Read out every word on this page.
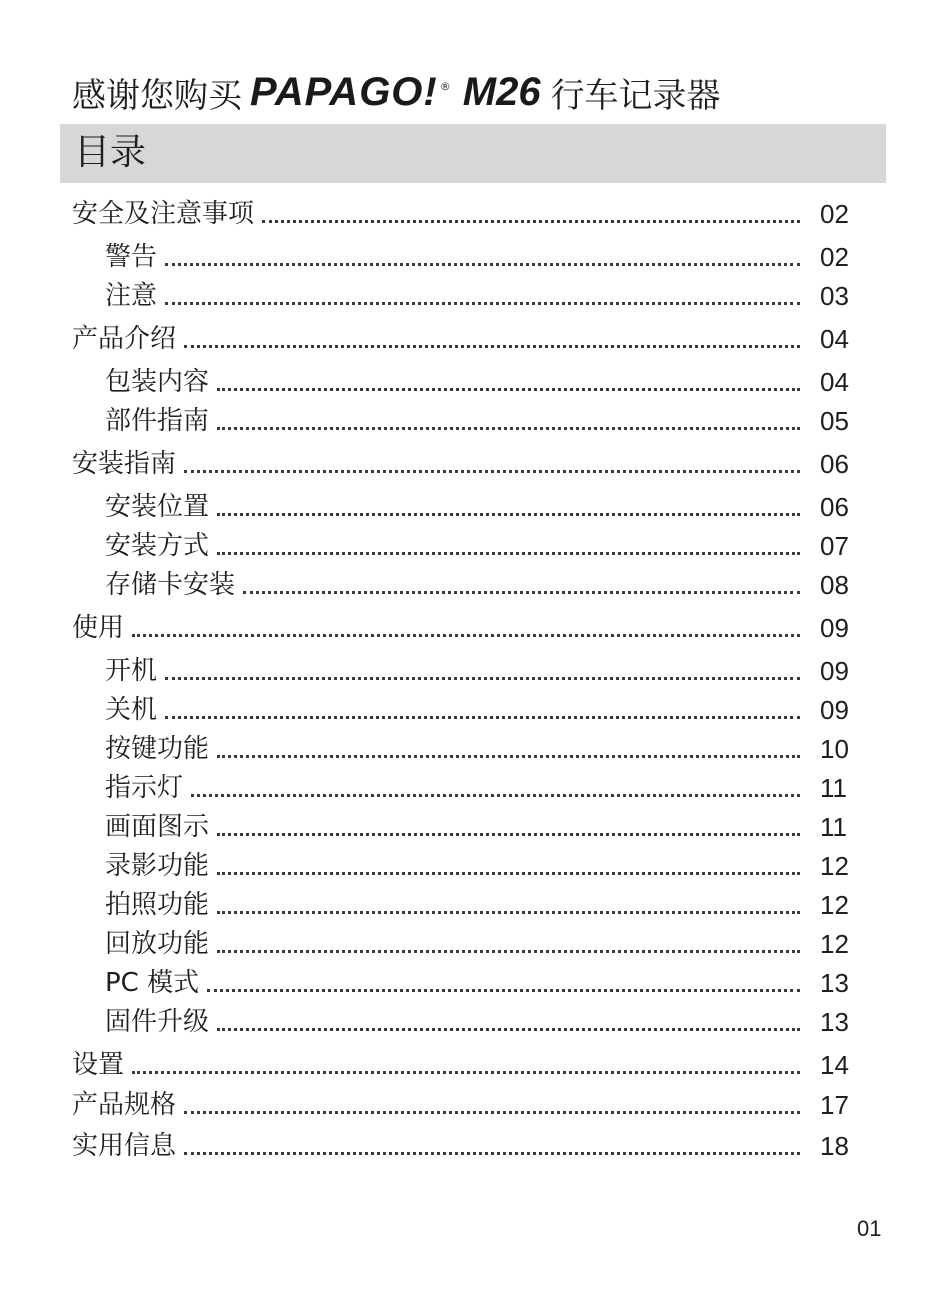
感谢您购买 PAPAGO! ® M26 行车记录器
目录
安全及注意事项	02
警告	02
注意	03
产品介绍	04
包装内容	04
部件指南	05
安装指南	06
安装位置	06
安装方式	07
存储卡安装	08
使用	09
开机	09
关机	09
按键功能	10
指示灯	11
画面图示	11
录影功能	12
拍照功能	12
回放功能	12
PC 模式	13
固件升级	13
设置	14
产品规格	17
实用信息	18
01
